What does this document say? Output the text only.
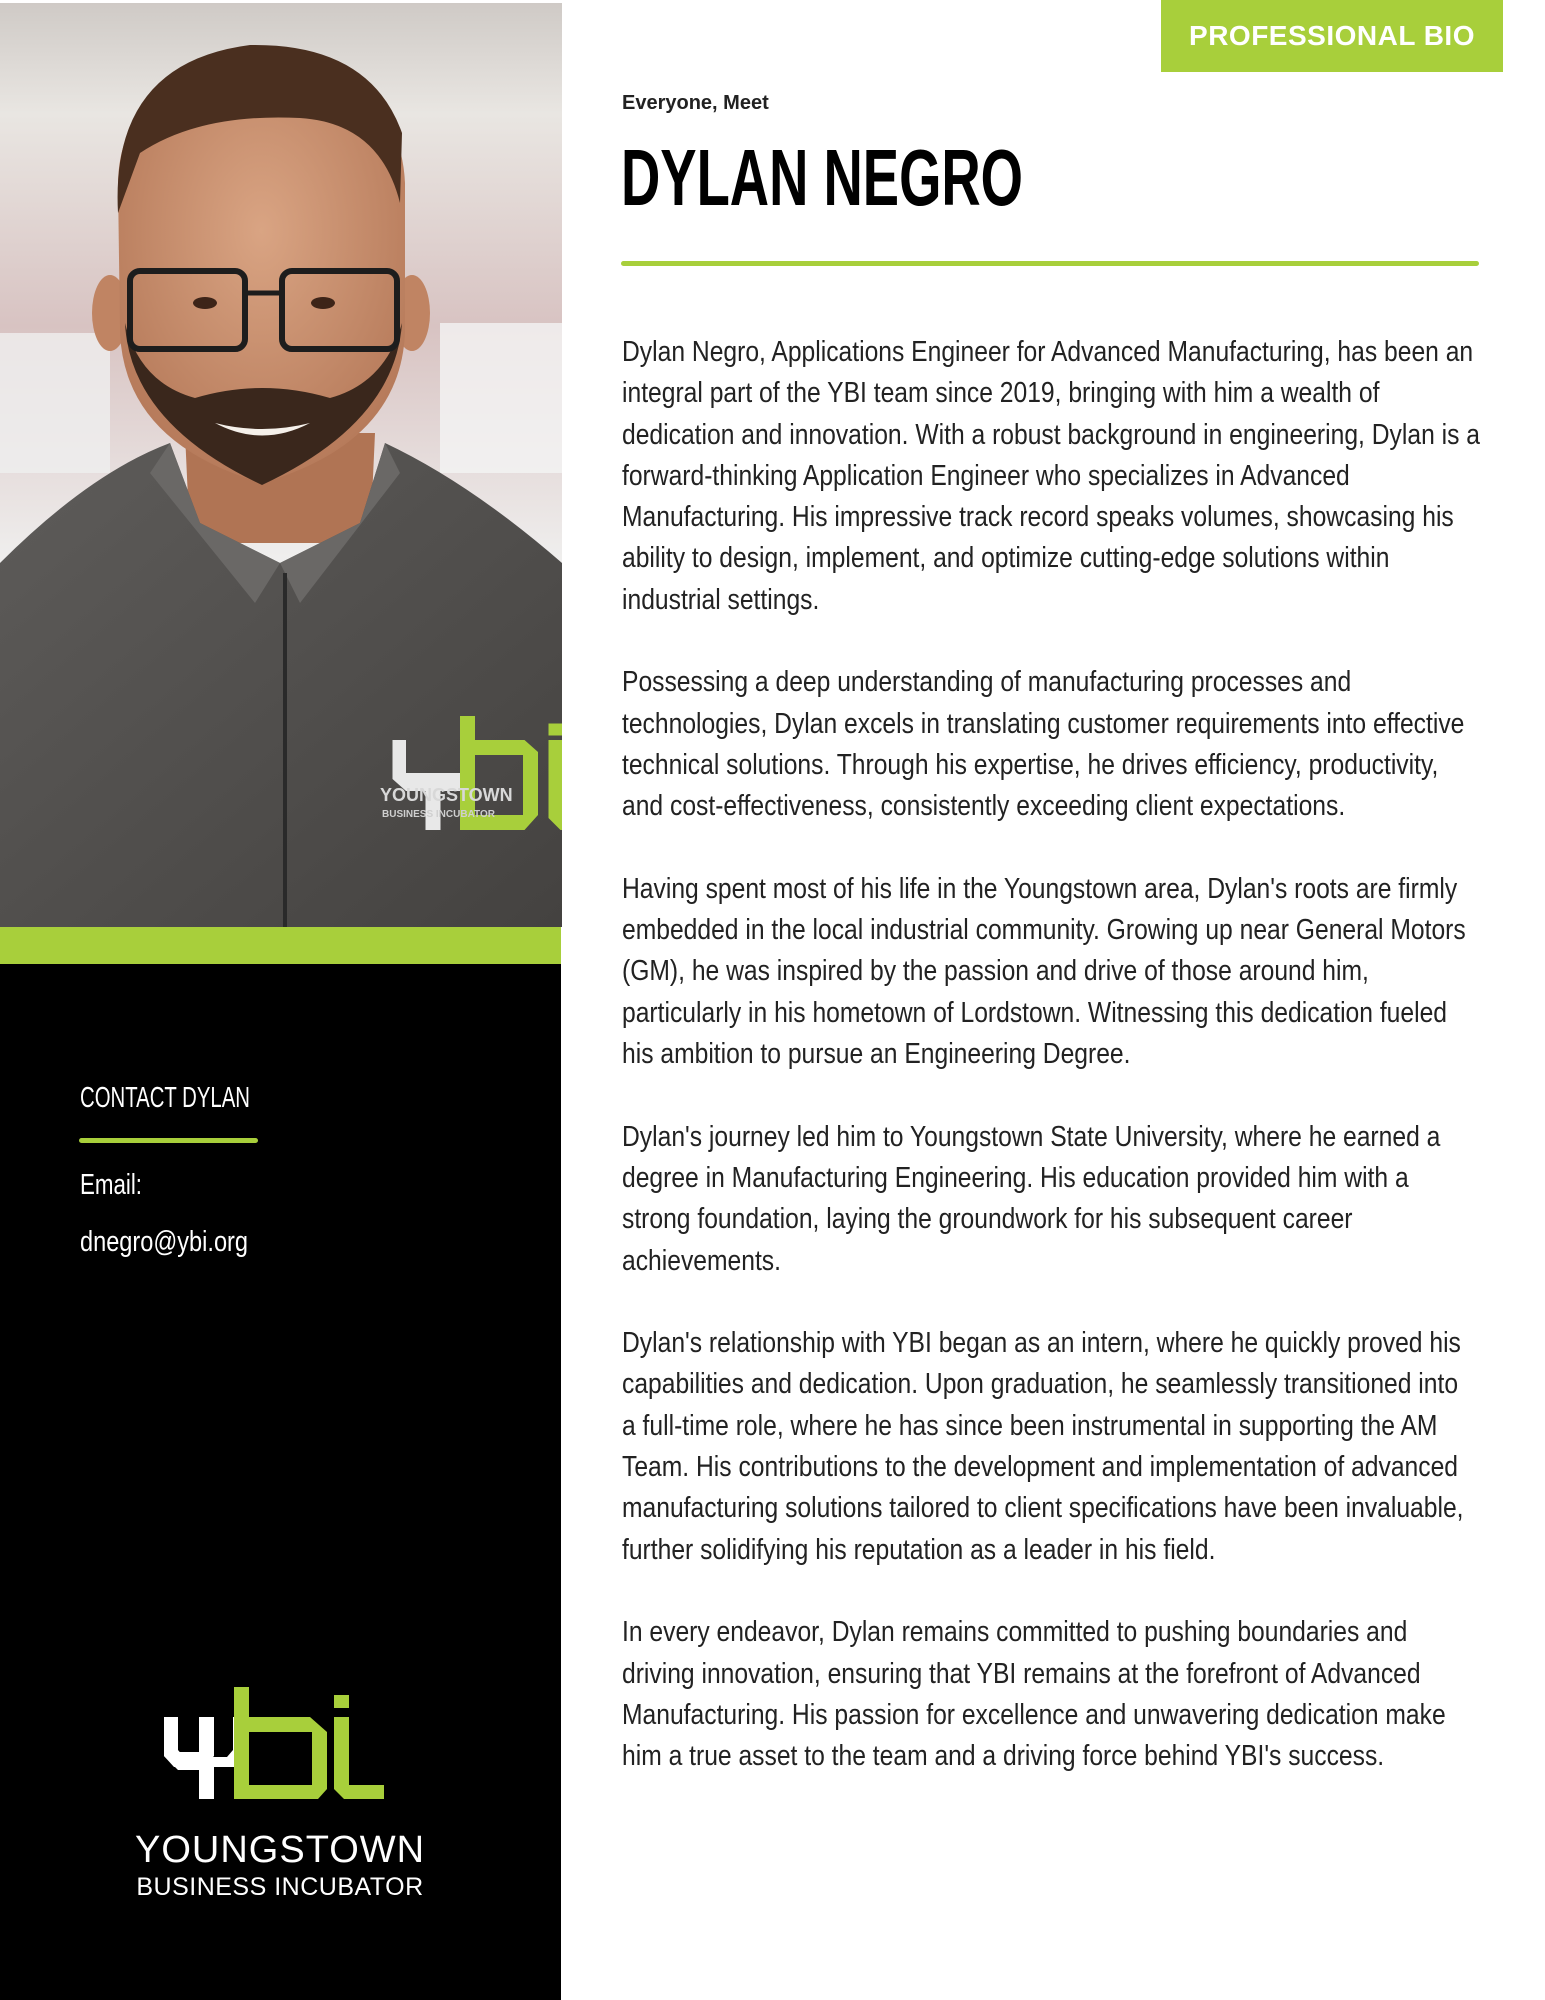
YOUNGSTOWN
BUSINESS INCUBATOR
CONTACT DYLAN
Email:
dnegro@ybi.org
YOUNGSTOWN
BUSINESS INCUBATOR
PROFESSIONAL BIO
Everyone, Meet
DYLAN NEGRO
Dylan Negro, Applications Engineer for Advanced Manufacturing, has been an
integral part of the YBI team since 2019, bringing with him a wealth of
dedication and innovation. With a robust background in engineering, Dylan is a
forward-thinking Application Engineer who specializes in Advanced
Manufacturing. His impressive track record speaks volumes, showcasing his
ability to design, implement, and optimize cutting-edge solutions within
industrial settings.
Possessing a deep understanding of manufacturing processes and
technologies, Dylan excels in translating customer requirements into effective
technical solutions. Through his expertise, he drives efficiency, productivity,
and cost-effectiveness, consistently exceeding client expectations.
Having spent most of his life in the Youngstown area, Dylan's roots are firmly
embedded in the local industrial community. Growing up near General Motors
(GM), he was inspired by the passion and drive of those around him,
particularly in his hometown of Lordstown. Witnessing this dedication fueled
his ambition to pursue an Engineering Degree.
Dylan's journey led him to Youngstown State University, where he earned a
degree in Manufacturing Engineering. His education provided him with a
strong foundation, laying the groundwork for his subsequent career
achievements.
Dylan's relationship with YBI began as an intern, where he quickly proved his
capabilities and dedication. Upon graduation, he seamlessly transitioned into
a full-time role, where he has since been instrumental in supporting the AM
Team. His contributions to the development and implementation of advanced
manufacturing solutions tailored to client specifications have been invaluable,
further solidifying his reputation as a leader in his field.
In every endeavor, Dylan remains committed to pushing boundaries and
driving innovation, ensuring that YBI remains at the forefront of Advanced
Manufacturing. His passion for excellence and unwavering dedication make
him a true asset to the team and a driving force behind YBI's success.
